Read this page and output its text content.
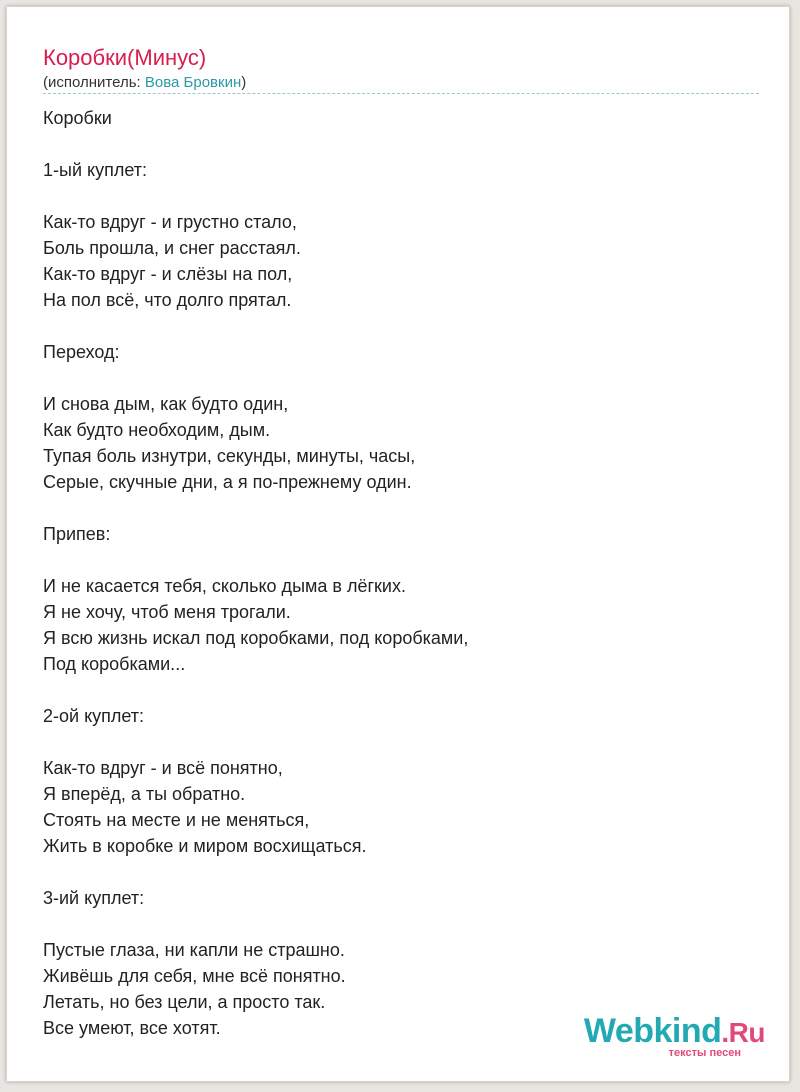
Коробки(Минус)
(исполнитель: Вова Бровкин)
Коробки
1-ый куплет:
Как-то вдруг - и грустно стало,
Боль прошла, и снег расстаял.
Как-то вдруг - и слёзы на пол,
На пол всё, что долго прятал.
Переход:
И снова дым, как будто один,
Как будто необходим, дым.
Тупая боль изнутри, секунды, минуты, часы,
Серые, скучные дни, а я по-прежнему один.
Припев:
И не касается тебя, сколько дыма в лёгких.
Я не хочу, чтоб меня трогали.
Я всю жизнь искал под коробками, под коробками,
Под коробками...
2-ой куплет:
Как-то вдруг - и всё понятно,
Я вперёд, а ты обратно.
Стоять на месте и не меняться,
Жить в коробке и миром восхищаться.
3-ий куплет:
Пустые глаза, ни капли не страшно.
Живёшь для себя, мне всё понятно.
Летать, но без цели, а просто так.
Все умеют, все хотят.	Webkind.Ru
тексты песен
